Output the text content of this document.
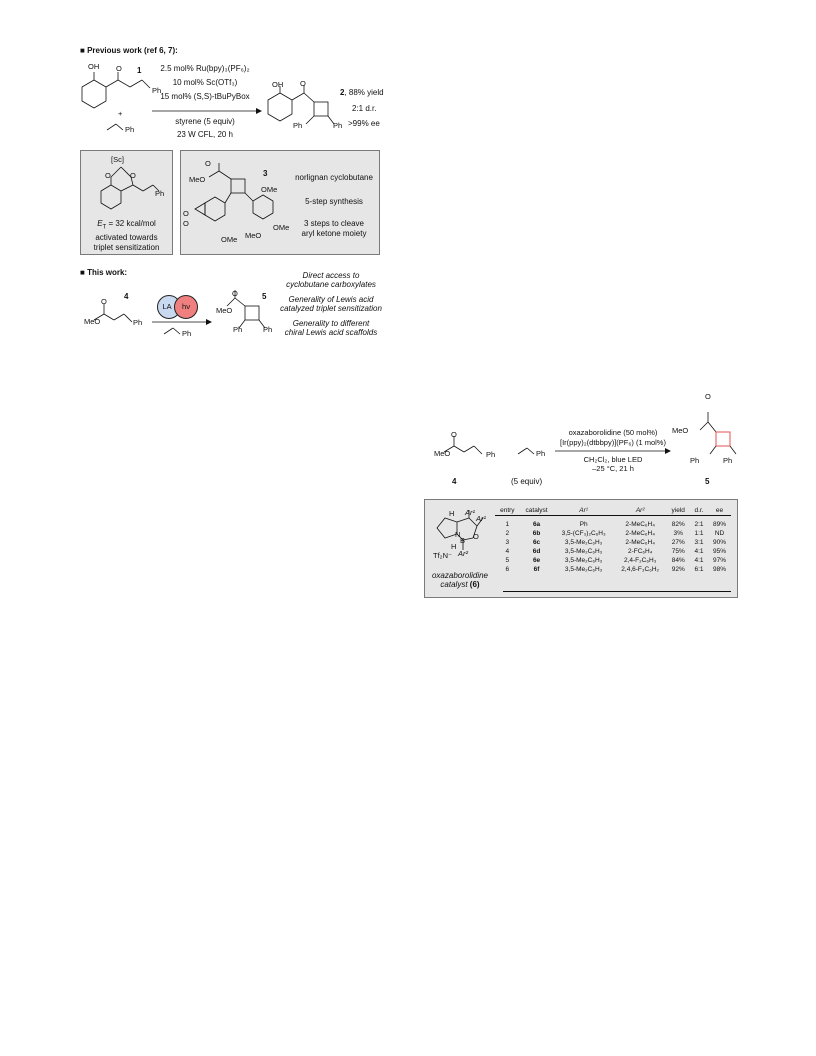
■ Previous work (ref 6, 7):
OH O
Ph
1
+
Ph
2.5 mol% Ru(bpy)₃(PF₆)₂
10 mol% Sc(OTf₃)
15 mol% (S,S)-tBuPyBox
styrene (5 equiv)
23 W CFL, 20 h
OH O
Ph	Ph
2, 88% yield
2:1 d.r.
>99% ee
[Sc]
O	O
Ph
$E_T = 32$ kcal/mol
activated towards
triplet sensitization
O
MeO
O
O
OMe
OMe MeO
OMe
3	norlignan cyclobutane
5-step synthesis
3 steps to cleave
aryl ketone moiety
■ This work:
O
MeO	Ph
4
LA	hν
Ph
O
MeO
Ph	Ph
5
Direct access to
cyclobutane carboxylates
Generality of Lewis acid
catalyzed triplet sensitization
Generality to different
chiral Lewis acid scaffolds
O
MeO	Ph
4
Ph
(5 equiv)
oxazaborolidine (50 mol%)
[Ir(ppy)₂(dtbbpy)](PF₆) (1 mol%)
CH₂Cl₂, blue LED
–25 °C, 21 h
O
MeO
Ph	Ph
5
H Ar¹
Ar¹
N
B O
H
Ar²
Tf₂N⁻
oxazaborolidine
catalyst (6)
entry	catalyst	Ar¹	Ar²	yield	d.r.	ee
1	6a	Ph	2-MeC₆H₄	82%	2:1	89%
2	6b	3,5-(CF₃)₂C₆H₃	2-MeC₆H₄	3%	1:1	ND
3	6c	3,5-Me₂C₆H₃	2-MeC₆H₄	27%	3:1	90%
4	6d	3,5-Me₂C₆H₃	2-FC₆H₄	75%	4:1	95%
5	6e	3,5-Me₂C₆H₃	2,4-F₂C₆H₃	84%	4:1	97%
6	6f	3,5-Me₂C₆H₃	2,4,6-F₃C₆H₂	92%	6:1	98%
